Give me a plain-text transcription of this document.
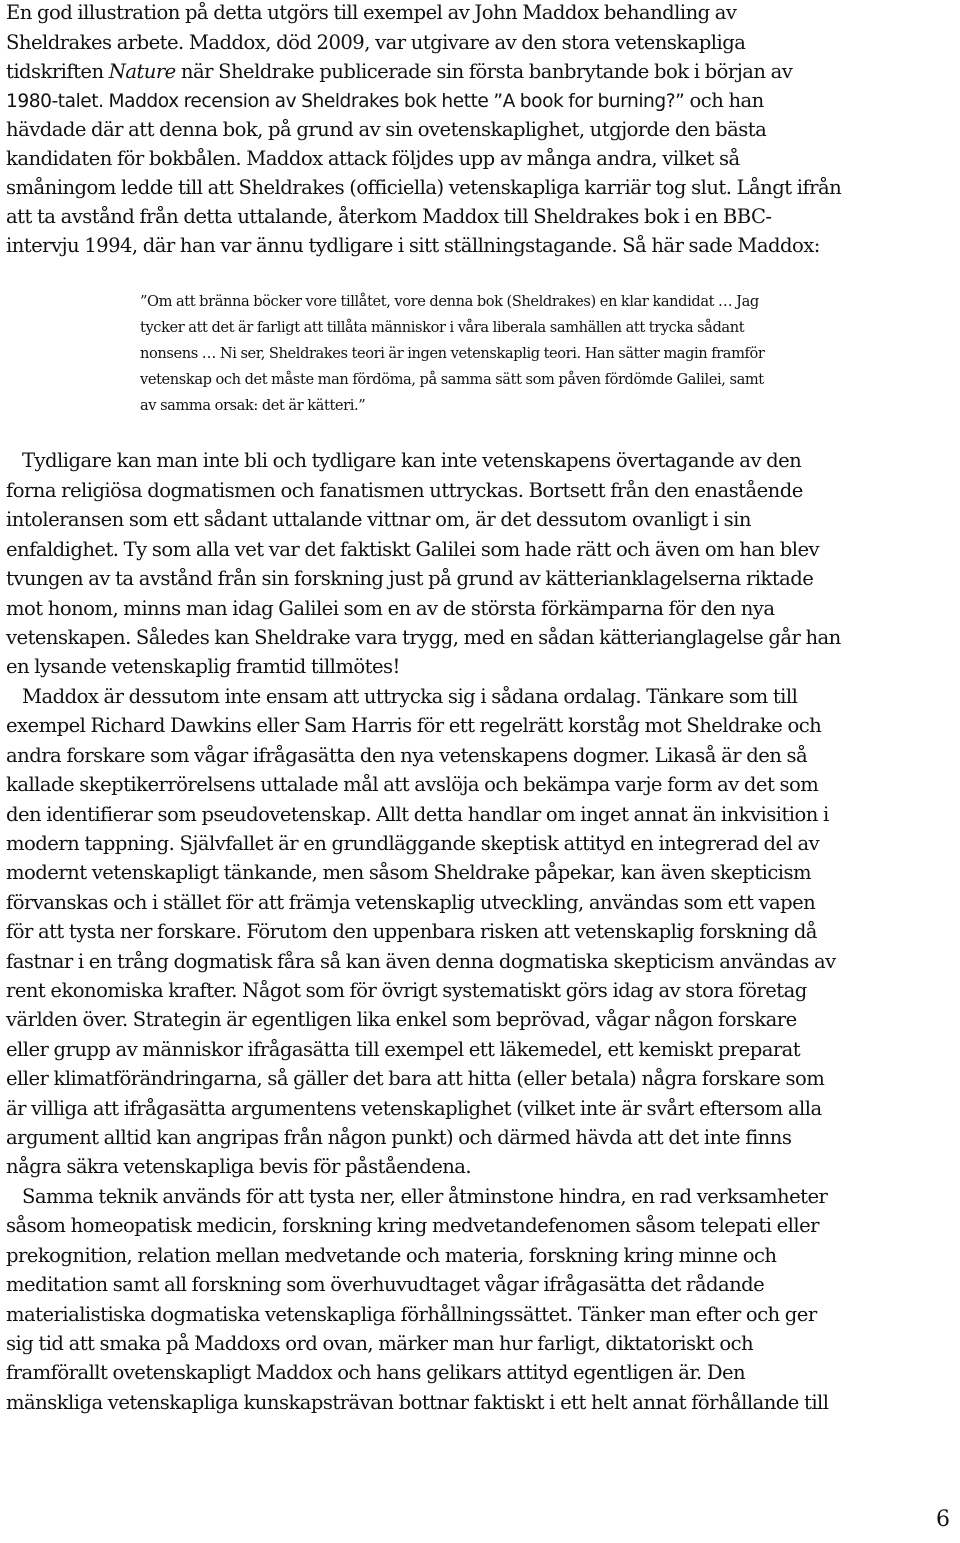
En god illustration på detta utgörs till exempel av John Maddox behandling av
Sheldrakes arbete. Maddox, död 2009, var utgivare av den stora vetenskapliga
tidskriften Nature när Sheldrake publicerade sin första banbrytande bok i början av
1980-talet. Maddox recension av Sheldrakes bok hette ”A book for burning?” och han
hävdade där att denna bok, på grund av sin ovetenskaplighet, utgjorde den bästa
kandidaten för bokbålen. Maddox attack följdes upp av många andra, vilket så
småningom ledde till att Sheldrakes (officiella) vetenskapliga karriär tog slut. Långt ifrån
att ta avstånd från detta uttalande, återkom Maddox till Sheldrakes bok i en BBC-
intervju 1994, där han var ännu tydligare i sitt ställningstagande. Så här sade Maddox:
”Om att bränna böcker vore tillåtet, vore denna bok (Sheldrakes) en klar kandidat … Jag
tycker att det är farligt att tillåta människor i våra liberala samhällen att trycka sådant
nonsens … Ni ser, Sheldrakes teori är ingen vetenskaplig teori. Han sätter magin framför
vetenskap och det måste man fördöma, på samma sätt som påven fördömde Galilei, samt
av samma orsak: det är kätteri.”
Tydligare kan man inte bli och tydligare kan inte vetenskapens övertagande av den
forna religiösa dogmatismen och fanatismen uttryckas. Bortsett från den enastående
intoleransen som ett sådant uttalande vittnar om, är det dessutom ovanligt i sin
enfaldighet. Ty som alla vet var det faktiskt Galilei som hade rätt och även om han blev
tvungen av ta avstånd från sin forskning just på grund av kätterianklagelserna riktade
mot honom, minns man idag Galilei som en av de största förkämparna för den nya
vetenskapen. Således kan Sheldrake vara trygg, med en sådan kätterianglagelse går han
en lysande vetenskaplig framtid tillmötes!
Maddox är dessutom inte ensam att uttrycka sig i sådana ordalag. Tänkare som till
exempel Richard Dawkins eller Sam Harris för ett regelrätt korståg mot Sheldrake och
andra forskare som vågar ifrågasätta den nya vetenskapens dogmer. Likaså är den så
kallade skeptikerrörelsens uttalade mål att avslöja och bekämpa varje form av det som
den identifierar som pseudovetenskap. Allt detta handlar om inget annat än inkvisition i
modern tappning. Självfallet är en grundläggande skeptisk attityd en integrerad del av
modernt vetenskapligt tänkande, men såsom Sheldrake påpekar, kan även skepticism
förvanskas och i stället för att främja vetenskaplig utveckling, användas som ett vapen
för att tysta ner forskare. Förutom den uppenbara risken att vetenskaplig forskning då
fastnar i en trång dogmatisk fåra så kan även denna dogmatiska skepticism användas av
rent ekonomiska krafter. Något som för övrigt systematiskt görs idag av stora företag
världen över. Strategin är egentligen lika enkel som beprövad, vågar någon forskare
eller grupp av människor ifrågasätta till exempel ett läkemedel, ett kemiskt preparat
eller klimatförändringarna, så gäller det bara att hitta (eller betala) några forskare som
är villiga att ifrågasätta argumentens vetenskaplighet (vilket inte är svårt eftersom alla
argument alltid kan angripas från någon punkt) och därmed hävda att det inte finns
några säkra vetenskapliga bevis för påståendena.
Samma teknik används för att tysta ner, eller åtminstone hindra, en rad verksamheter
såsom homeopatisk medicin, forskning kring medvetandefenomen såsom telepati eller
prekognition, relation mellan medvetande och materia, forskning kring minne och
meditation samt all forskning som överhuvudtaget vågar ifrågasätta det rådande
materialistiska dogmatiska vetenskapliga förhållningssättet. Tänker man efter och ger
sig tid att smaka på Maddoxs ord ovan, märker man hur farligt, diktatoriskt och
framförallt ovetenskapligt Maddox och hans gelikars attityd egentligen är. Den
mänskliga vetenskapliga kunskapsträvan bottnar faktiskt i ett helt annat förhållande till
6
